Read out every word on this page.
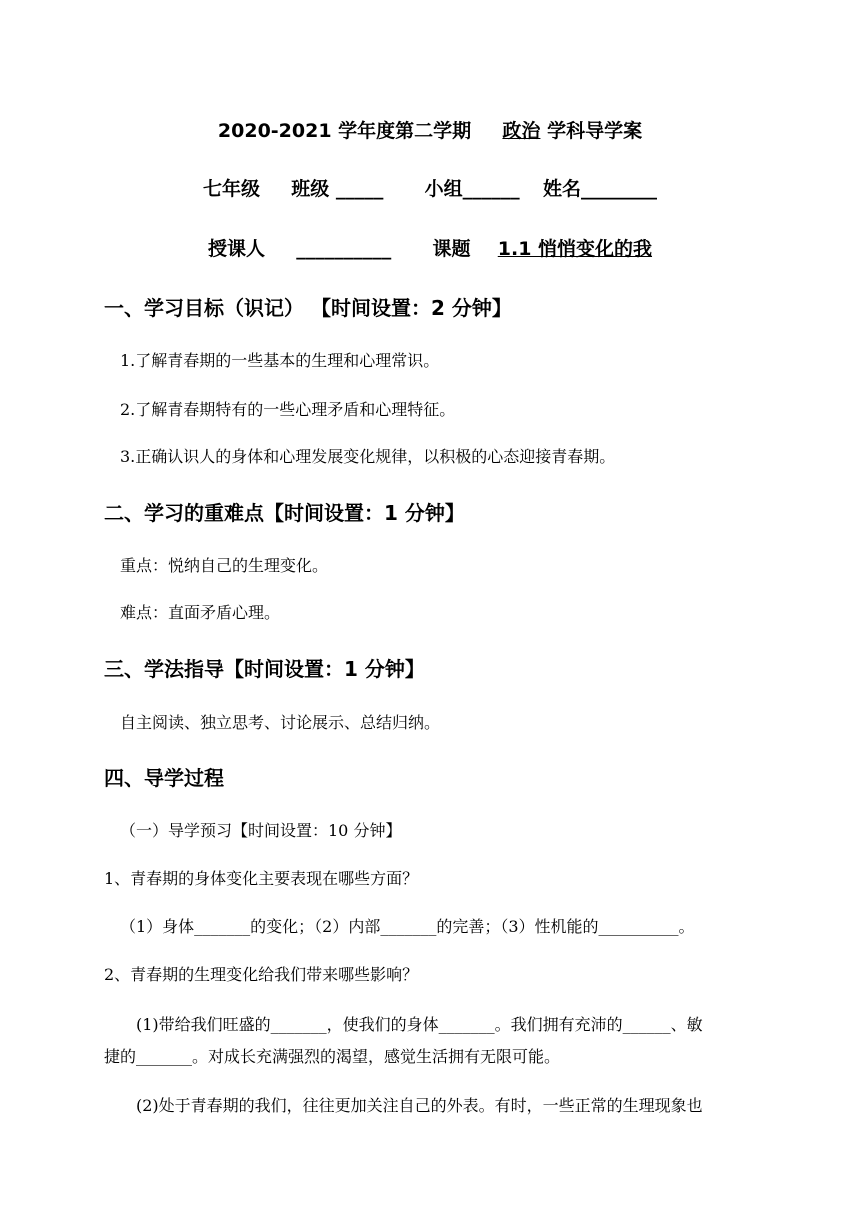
2020-2021 学年度第二学期 政治 学科导学案
七年级 班级 _____ 小组______ 姓名________
授课人 __________ 课题 1.1 悄悄变化的我
一、学习目标（识记） 【时间设置：2 分钟】
1.了解青春期的一些基本的生理和心理常识。
2.了解青春期特有的一些心理矛盾和心理特征。
3.正确认识人的身体和心理发展变化规律，以积极的心态迎接青春期。
二、学习的重难点【时间设置：1 分钟】
重点：悦纳自己的生理变化。
难点：直面矛盾心理。
三、学法指导【时间设置：1 分钟】
自主阅读、独立思考、讨论展示、总结归纳。
四、导学过程
（一）导学预习【时间设置：10 分钟】
1、青春期的身体变化主要表现在哪些方面？
（1）身体_______的变化；（2）内部_______的完善；（3）性机能的__________。
2、青春期的生理变化给我们带来哪些影响？
(1)带给我们旺盛的_______，使我们的身体_______。我们拥有充沛的______、敏
捷的_______。对成长充满强烈的渴望，感觉生活拥有无限可能。
(2)处于青春期的我们，往往更加关注自己的外表。有时，一些正常的生理现象也
